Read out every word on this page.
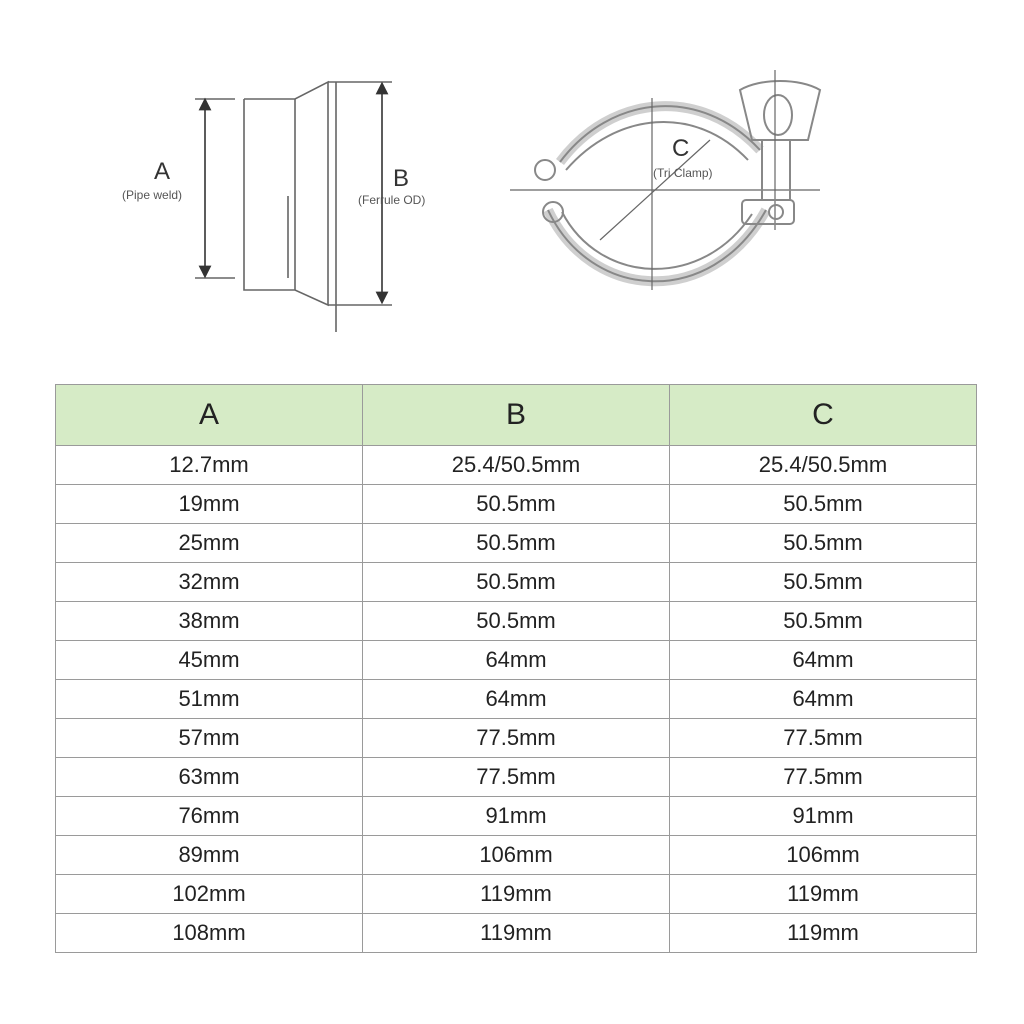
A
(Pipe weld)
B
(Ferrule OD)
C
(Tri Clamp)
A	B	C
12.7mm	25.4/50.5mm	25.4/50.5mm
19mm	50.5mm	50.5mm
25mm	50.5mm	50.5mm
32mm	50.5mm	50.5mm
38mm	50.5mm	50.5mm
45mm	64mm	64mm
51mm	64mm	64mm
57mm	77.5mm	77.5mm
63mm	77.5mm	77.5mm
76mm	91mm	91mm
89mm	106mm	106mm
102mm	119mm	119mm
108mm	119mm	119mm
